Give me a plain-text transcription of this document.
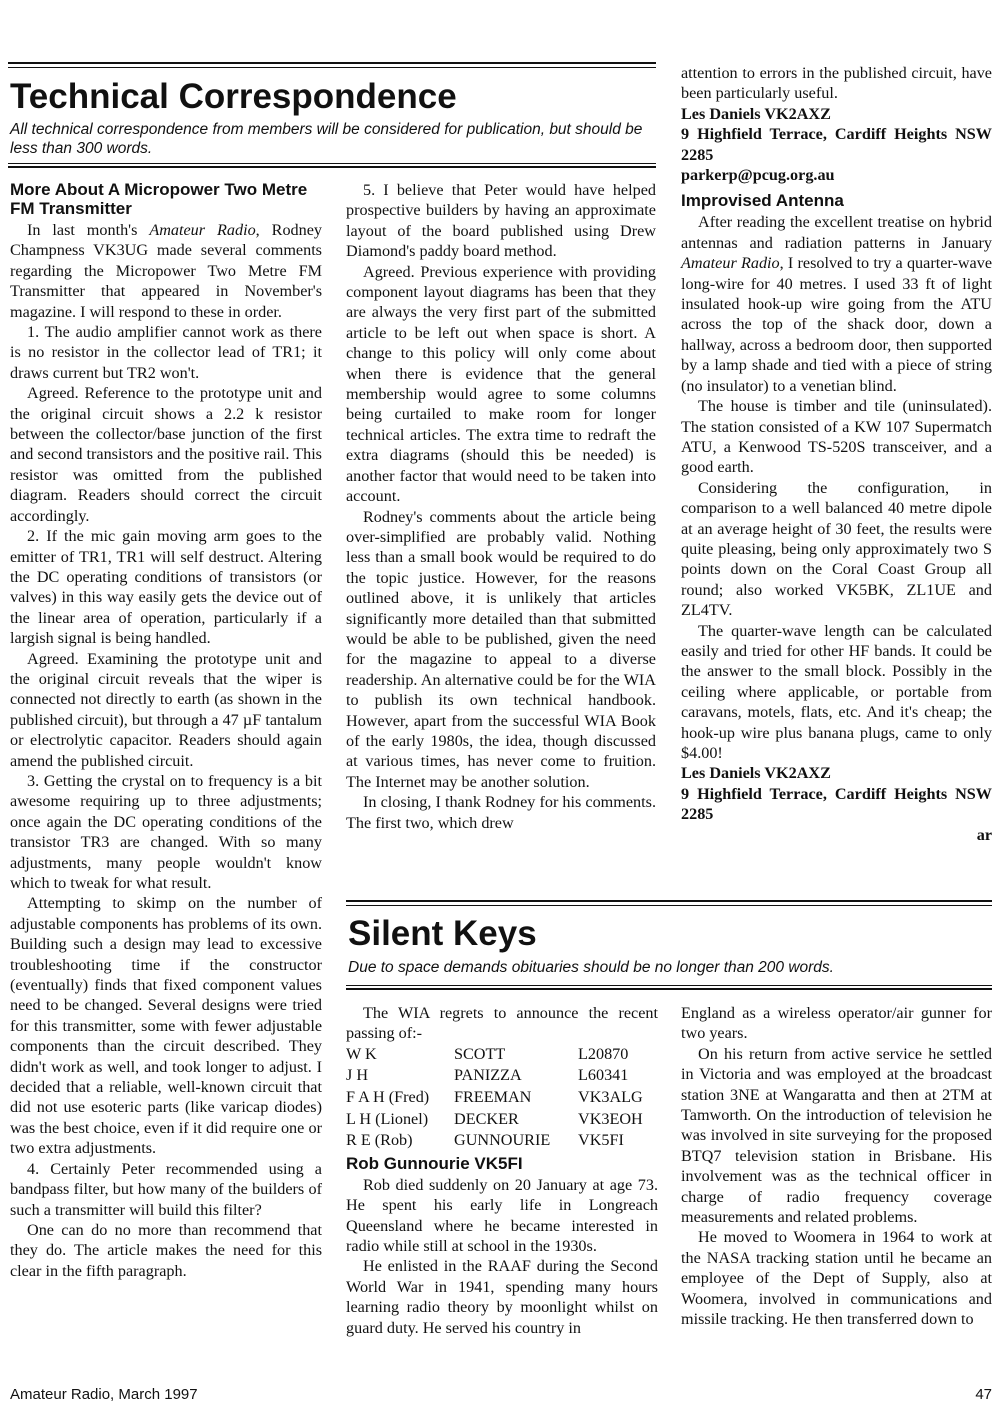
Technical Correspondence
All technical correspondence from members will be considered for publication, but should be less than 300 words.

More About A Micropower Two Metre FM Transmitter

In last month's Amateur Radio, Rodney Champness VK3UG made several comments regarding the Micropower Two Metre FM Transmitter that appeared in November's magazine. I will respond to these in order.

1. The audio amplifier cannot work as there is no resistor in the collector lead of TR1; it draws current but TR2 won't.

Agreed. Reference to the prototype unit and the original circuit shows a 2.2 k resistor between the collector/base junction of the first and second transistors and the positive rail. This resistor was omitted from the published diagram. Readers should correct the circuit accordingly.

2. If the mic gain moving arm goes to the emitter of TR1, TR1 will self destruct. Altering the DC operating conditions of transistors (or valves) in this way easily gets the device out of the linear area of operation, particularly if a largish signal is being handled.

Agreed. Examining the prototype unit and the original circuit reveals that the wiper is connected not directly to earth (as shown in the published circuit), but through a 47 µF tantalum or electrolytic capacitor. Readers should again amend the published circuit.

3. Getting the crystal on to frequency is a bit awesome requiring up to three adjustments; once again the DC operating conditions of the transistor TR3 are changed. With so many adjustments, many people wouldn't know which to tweak for what result.

Attempting to skimp on the number of adjustable components has problems of its own. Building such a design may lead to excessive troubleshooting time if the constructor (eventually) finds that fixed component values need to be changed. Several designs were tried for this transmitter, some with fewer adjustable components than the circuit described. They didn't work as well, and took longer to adjust. I decided that a reliable, well-known circuit that did not use esoteric parts (like varicap diodes) was the best choice, even if it did require one or two extra adjustments.

4. Certainly Peter recommended using a bandpass filter, but how many of the builders of such a transmitter will build this filter?

One can do no more than recommend that they do. The article makes the need for this clear in the fifth paragraph.

5. I believe that Peter would have helped prospective builders by having an approximate layout of the board published using Drew Diamond's paddy board method.

Agreed. Previous experience with providing component layout diagrams has been that they are always the very first part of the submitted article to be left out when space is short. A change to this policy will only come about when there is evidence that the general membership would agree to some columns being curtailed to make room for longer technical articles. The extra time to redraft the extra diagrams (should this be needed) is another factor that would need to be taken into account.

Rodney's comments about the article being over-simplified are probably valid. Nothing less than a small book would be required to do the topic justice. However, for the reasons outlined above, it is unlikely that articles significantly more detailed than that submitted would be able to be published, given the need for the magazine to appeal to a diverse readership. An alternative could be for the WIA to publish its own technical handbook. However, apart from the successful WIA Book of the early 1980s, the idea, though discussed at various times, has never come to fruition. The Internet may be another solution.

In closing, I thank Rodney for his comments. The first two, which drew

attention to errors in the published circuit, have been particularly useful.

Les Daniels VK2AXZ

9 Highfield Terrace, Cardiff Heights NSW 2285

parkerp@pcug.org.au

Improvised Antenna

After reading the excellent treatise on hybrid antennas and radiation patterns in January Amateur Radio, I resolved to try a quarter-wave long-wire for 40 metres. I used 33 ft of light insulated hook-up wire going from the ATU across the top of the shack door, down a hallway, across a bedroom door, then supported by a lamp shade and tied with a piece of string (no insulator) to a venetian blind.

The house is timber and tile (uninsulated). The station consisted of a KW 107 Supermatch ATU, a Kenwood TS-520S transceiver, and a good earth.

Considering the configuration, in comparison to a well balanced 40 metre dipole at an average height of 30 feet, the results were quite pleasing, being only approximately two S points down on the Coral Coast Group all round; also worked VK5BK, ZL1UE and ZL4TV.

The quarter-wave length can be calculated easily and tried for other HF bands. It could be the answer to the small block. Possibly in the ceiling where applicable, or portable from caravans, motels, flats, etc. And it's cheap; the hook-up wire plus banana plugs, came to only $4.00!

Les Daniels VK2AXZ

9 Highfield Terrace, Cardiff Heights NSW 2285

ar

Silent Keys
Due to space demands obituaries should be no longer than 200 words.

The WIA regrets to announce the recent passing of:-

W K	SCOTT	L20870
J H	PANIZZA	L60341
F A H (Fred)	FREEMAN	VK3ALG
L H (Lionel)	DECKER	VK3EOH
R E (Rob)	GUNNOURIE	VK5FI

Rob Gunnourie VK5FI

Rob died suddenly on 20 January at age 73. He spent his early life in Longreach Queensland where he became interested in radio while still at school in the 1930s.

He enlisted in the RAAF during the Second World War in 1941, spending many hours learning radio theory by moonlight whilst on guard duty. He served his country in

England as a wireless operator/air gunner for two years.

On his return from active service he settled in Victoria and was employed at the broadcast station 3NE at Wangaratta and then at 2TM at Tamworth. On the introduction of television he was involved in site surveying for the proposed BTQ7 television station in Brisbane. His involvement was as the technical officer in charge of radio frequency coverage measurements and related problems.

He moved to Woomera in 1964 to work at the NASA tracking station until he became an employee of the Dept of Supply, also at Woomera, involved in communications and missile tracking. He then transferred down to

Amateur Radio, March 1997	47
